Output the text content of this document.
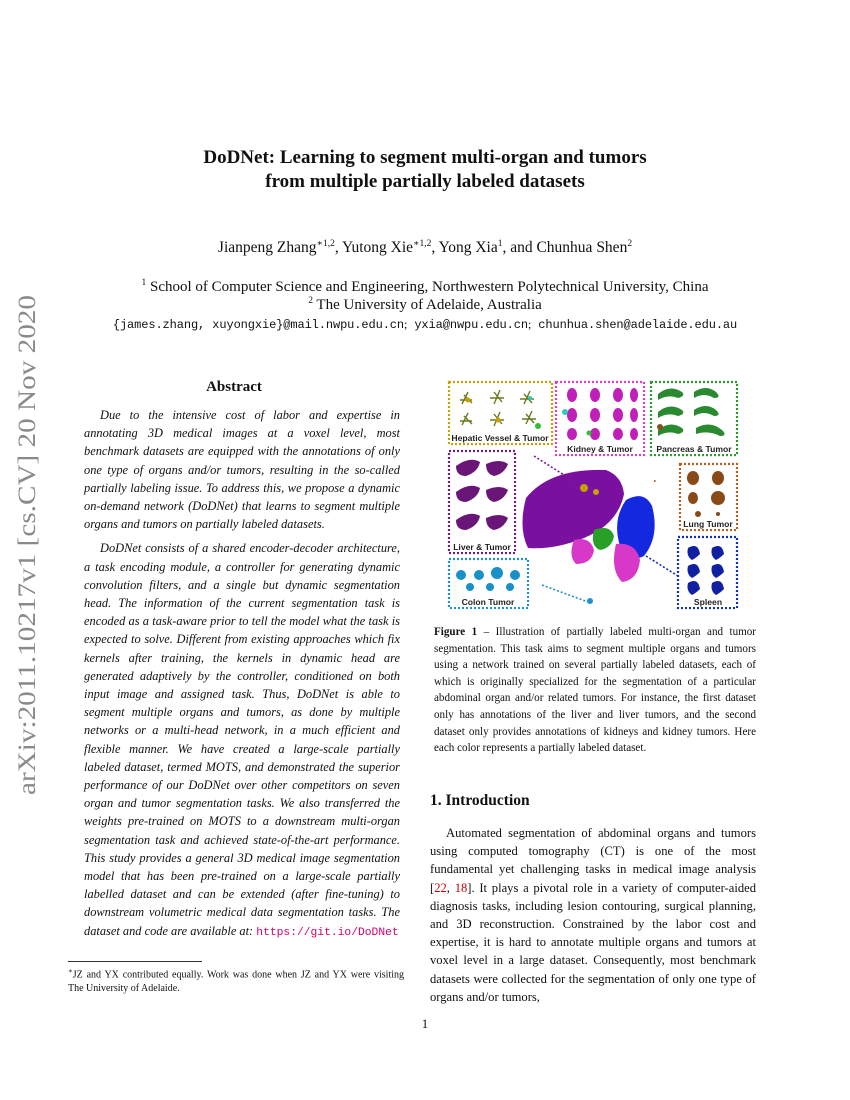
arXiv:2011.10217v1 [cs.CV] 20 Nov 2020
DoDNet: Learning to segment multi-organ and tumors
from multiple partially labeled datasets
Jianpeng Zhang$^{∗1,2}$, Yutong Xie$^{∗1,2}$, Yong Xia$^1$, and Chunhua Shen$^2$
$^1$ School of Computer Science and Engineering, Northwestern Polytechnical University, China
$^2$ The University of Adelaide, Australia
{james.zhang, xuyongxie}@mail.nwpu.edu.cn; yxia@nwpu.edu.cn; chunhua.shen@adelaide.edu.au
Abstract

Due to the intensive cost of labor and expertise in annotating 3D medical images at a voxel level, most benchmark datasets are equipped with the annotations of only one type of organs and/or tumors, resulting in the so-called partially labeling issue. To address this, we propose a dynamic on-demand network (DoDNet) that learns to segment multiple organs and tumors on partially labeled datasets.

DoDNet consists of a shared encoder-decoder architecture, a task encoding module, a controller for generating dynamic convolution filters, and a single but dynamic segmentation head. The information of the current segmentation task is encoded as a task-aware prior to tell the model what the task is expected to solve. Different from existing approaches which fix kernels after training, the kernels in dynamic head are generated adaptively by the controller, conditioned on both input image and assigned task. Thus, DoDNet is able to segment multiple organs and tumors, as done by multiple networks or a multi-head network, in a much efficient and flexible manner. We have created a large-scale partially labeled dataset, termed MOTS, and demonstrated the superior performance of our DoDNet over other competitors on seven organ and tumor segmentation tasks. We also transferred the weights pre-trained on MOTS to a downstream multi-organ segmentation task and achieved state-of-the-art performance. This study provides a general 3D medical image segmentation model that has been pre-trained on a large-scale partially labelled dataset and can be extended (after fine-tuning) to downstream volumetric medical data segmentation tasks. The dataset and code are available at: https://git.io/DoDNet

∗JZ and YX contributed equally. Work was done when JZ and YX were visiting The University of Adelaide.
Hepatic Vessel & Tumor
Kidney & Tumor	Pancreas & Tumor
Lung Tumor
Liver & Tumor
Spleen
Colon Tumor
Figure 1 – Illustration of partially labeled multi-organ and tumor segmentation. This task aims to segment multiple organs and tumors using a network trained on several partially labeled datasets, each of which is originally specialized for the segmentation of a particular abdominal organ and/or related tumors. For instance, the first dataset only has annotations of the liver and liver tumors, and the second dataset only provides annotations of kidneys and kidney tumors. Here each color represents a partially labeled dataset.
1. Introduction

Automated segmentation of abdominal organs and tumors using computed tomography (CT) is one of the most fundamental yet challenging tasks in medical image analysis [22, 18]. It plays a pivotal role in a variety of computer-aided diagnosis tasks, including lesion contouring, surgical planning, and 3D reconstruction. Constrained by the labor cost and expertise, it is hard to annotate multiple organs and tumors at voxel level in a large dataset. Consequently, most benchmark datasets were collected for the segmentation of only one type of organs and/or tumors,

1
